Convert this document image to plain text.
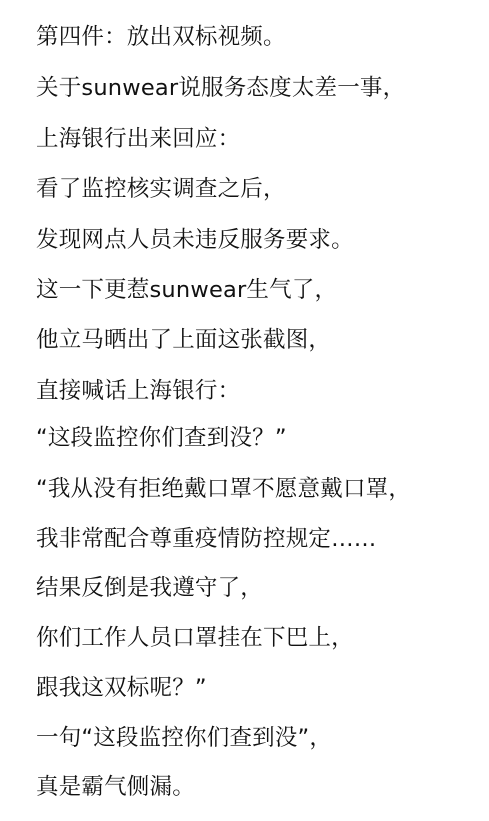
第四件：放出双标视频。
关于sunwear说服务态度太差一事，
上海银行出来回应：
看了监控核实调查之后，
发现网点人员未违反服务要求。
这一下更惹sunwear生气了，
他立马晒出了上面这张截图，
直接喊话上海银行：
“这段监控你们查到没？”
“我从没有拒绝戴口罩不愿意戴口罩，
我非常配合尊重疫情防控规定……
结果反倒是我遵守了，
你们工作人员口罩挂在下巴上，
跟我这双标呢？”
一句“这段监控你们查到没”，
真是霸气侧漏。
